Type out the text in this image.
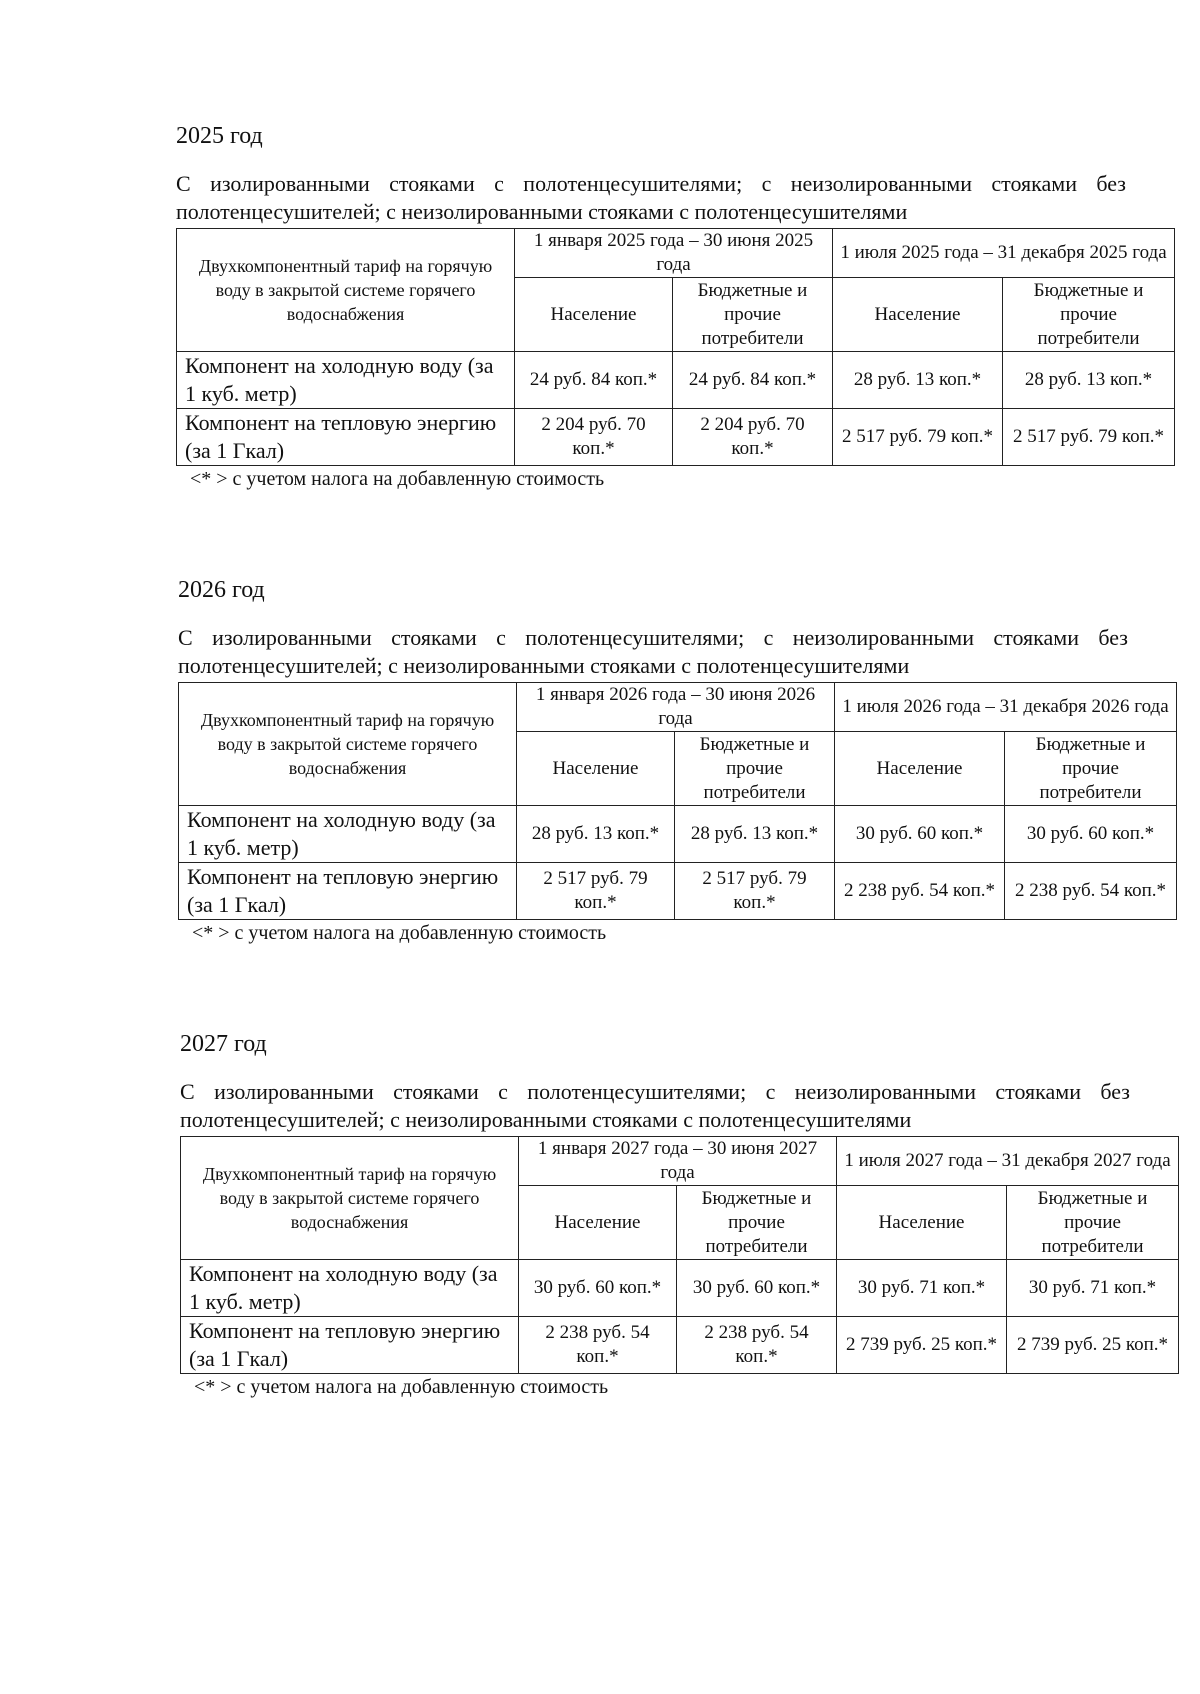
2025 год
С изолированными стояками с полотенцесушителями; с неизолированными стояками без полотенцесушителей; с неизолированными стояками с полотенцесушителями
Двухкомпонентный тариф на горячую воду в закрытой системе горячего водоснабжения	1 января 2025 года – 30 июня 2025 года		1 июля 2025 года – 31 декабря 2025 года	
	Население	Бюджетные и прочие потребители	Население	Бюджетные и прочие потребители
Компонент на холодную воду (за 1 куб. метр)	24 руб. 84 коп.*	24 руб. 84 коп.*	28 руб. 13 коп.*	28 руб. 13 коп.*
Компонент на тепловую энергию (за 1 Гкал)	2 204 руб. 70 коп.*	2 204 руб. 70 коп.*	2 517 руб. 79 коп.*	2 517 руб. 79 коп.*
<* > с учетом налога на добавленную стоимость
2026 год
С изолированными стояками с полотенцесушителями; с неизолированными стояками без полотенцесушителей; с неизолированными стояками с полотенцесушителями
Двухкомпонентный тариф на горячую воду в закрытой системе горячего водоснабжения	1 января 2026 года – 30 июня 2026 года		1 июля 2026 года – 31 декабря 2026 года	
	Население	Бюджетные и прочие потребители	Население	Бюджетные и прочие потребители
Компонент на холодную воду (за 1 куб. метр)	28 руб. 13 коп.*	28 руб. 13 коп.*	30 руб. 60 коп.*	30 руб. 60 коп.*
Компонент на тепловую энергию (за 1 Гкал)	2 517 руб. 79 коп.*	2 517 руб. 79 коп.*	2 238 руб. 54 коп.*	2 238 руб. 54 коп.*
<* > с учетом налога на добавленную стоимость
2027 год
С изолированными стояками с полотенцесушителями; с неизолированными стояками без полотенцесушителей; с неизолированными стояками с полотенцесушителями
Двухкомпонентный тариф на горячую воду в закрытой системе горячего водоснабжения	1 января 2027 года – 30 июня 2027 года		1 июля 2027 года – 31 декабря 2027 года	
	Население	Бюджетные и прочие потребители	Население	Бюджетные и прочие потребители
Компонент на холодную воду (за 1 куб. метр)	30 руб. 60 коп.*	30 руб. 60 коп.*	30 руб. 71 коп.*	30 руб. 71 коп.*
Компонент на тепловую энергию (за 1 Гкал)	2 238 руб. 54 коп.*	2 238 руб. 54 коп.*	2 739 руб. 25 коп.*	2 739 руб. 25 коп.*
<* > с учетом налога на добавленную стоимость
